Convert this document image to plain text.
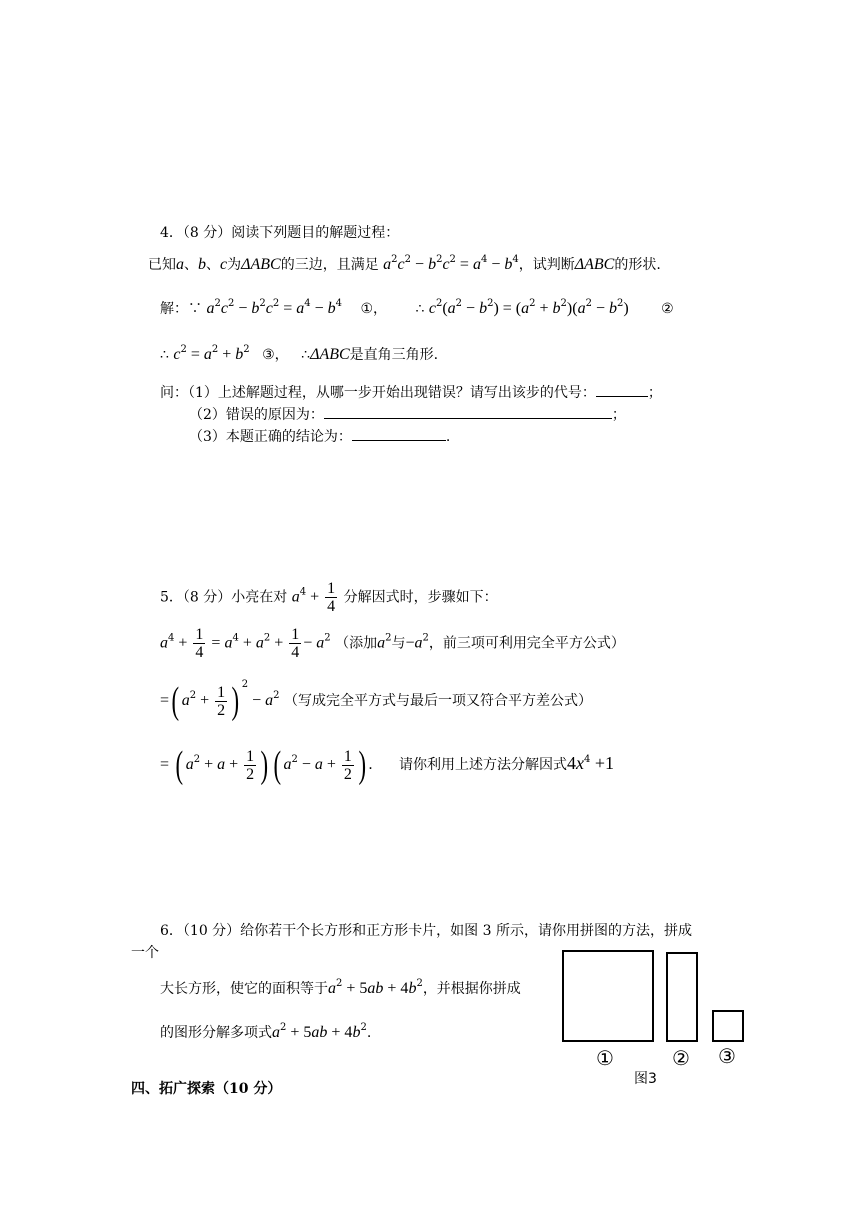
4．（8 分）阅读下列题目的解题过程：
已知a、b、c为ΔABC的三边，且满足 $a^2c^2 - b^2c^2 = a^4 - b^4$，试判断ΔABC的形状.
解：∵ $a^2c^2 - b^2c^2 = a^4 - b^4$ ①， ∴ $c^2(a^2 - b^2) = (a^2 + b^2)(a^2 - b^2)$ ②
∴ $c^2 = a^2 + b^2$ ③， ∴ΔABC是直角三角形.
问：（1）上述解题过程，从哪一步开始出现错误？请写出该步的代号：	；
（2）错误的原因为：	；
（3）本题正确的结论为：	.
5．（8 分）小亮在对 $a^4 + \frac{1}{4}$ 分解因式时，步骤如下：
$a^4 + \frac{1}{4} = a^4 + a^2 + \frac{1}{4} - a^2$ （添加$a^2$与$-a^2$，前三项可利用完全平方公式）
=( $a^2 + \frac{1}{2}$ ) $^2 - a^2$ （写成完全平方式与最后一项又符合平方差公式）
= ( $a^2 + a + \frac{1}{2}$ ) ( $a^2 - a + \frac{1}{2}$ ) . 请你利用上述方法分解因式$4x^4 +1$
6．（10 分）给你若干个长方形和正方形卡片，如图 3 所示，请你用拼图的方法，拼成
一个
大长方形，使它的面积等于$a^2 + 5ab + 4b^2$，并根据你拼成
的图形分解多项式$a^2 + 5ab + 4b^2$.
①	② ③
图3
四、拓广探索（10 分）
